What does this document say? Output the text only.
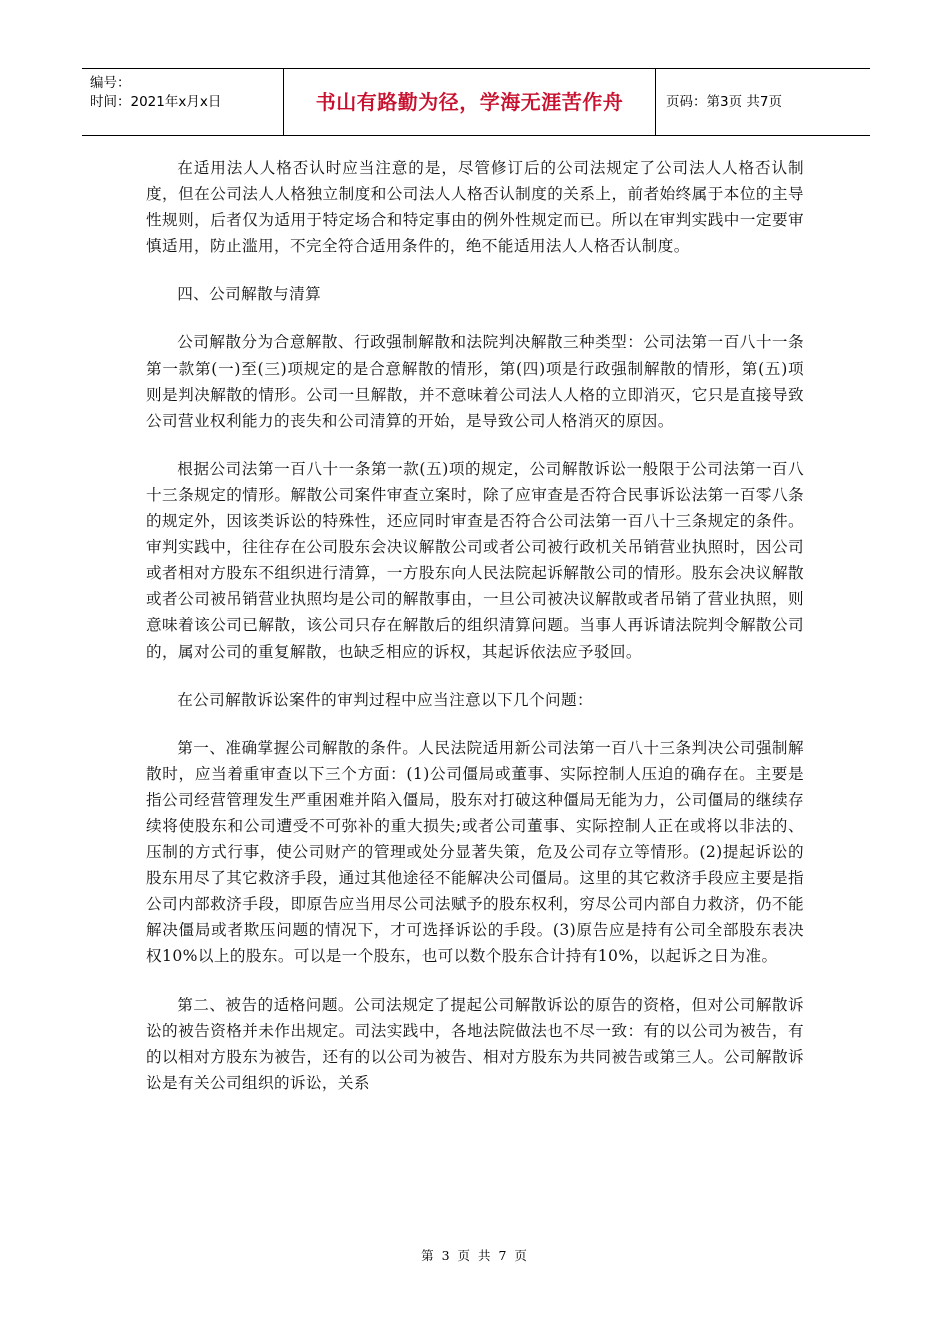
编号：
时间：2021年x月x日	书山有路勤为径，学海无涯苦作舟	页码：第3页 共7页

在适用法人人格否认时应当注意的是，尽管修订后的公司法规定了公司法人人格否认制度，但在公司法人人格独立制度和公司法人人格否认制度的关系上，前者始终属于本位的主导性规则，后者仅为适用于特定场合和特定事由的例外性规定而已。所以在审判实践中一定要审慎适用，防止滥用，不完全符合适用条件的，绝不能适用法人人格否认制度。

四、公司解散与清算

公司解散分为合意解散、行政强制解散和法院判决解散三种类型：公司法第一百八十一条第一款第(一)至(三)项规定的是合意解散的情形，第(四)项是行政强制解散的情形，第(五)项则是判决解散的情形。公司一旦解散，并不意味着公司法人人格的立即消灭，它只是直接导致公司营业权利能力的丧失和公司清算的开始，是导致公司人格消灭的原因。

根据公司法第一百八十一条第一款(五)项的规定，公司解散诉讼一般限于公司法第一百八十三条规定的情形。解散公司案件审查立案时，除了应审查是否符合民事诉讼法第一百零八条的规定外，因该类诉讼的特殊性，还应同时审查是否符合公司法第一百八十三条规定的条件。审判实践中，往往存在公司股东会决议解散公司或者公司被行政机关吊销营业执照时，因公司或者相对方股东不组织进行清算，一方股东向人民法院起诉解散公司的情形。股东会决议解散或者公司被吊销营业执照均是公司的解散事由，一旦公司被决议解散或者吊销了营业执照，则意味着该公司已解散，该公司只存在解散后的组织清算问题。当事人再诉请法院判令解散公司的，属对公司的重复解散，也缺乏相应的诉权，其起诉依法应予驳回。

在公司解散诉讼案件的审判过程中应当注意以下几个问题：

第一、准确掌握公司解散的条件。人民法院适用新公司法第一百八十三条判决公司强制解散时，应当着重审查以下三个方面：(1)公司僵局或董事、实际控制人压迫的确存在。主要是指公司经营管理发生严重困难并陷入僵局，股东对打破这种僵局无能为力，公司僵局的继续存续将使股东和公司遭受不可弥补的重大损失;或者公司董事、实际控制人正在或将以非法的、压制的方式行事，使公司财产的管理或处分显著失策，危及公司存立等情形。(2)提起诉讼的股东用尽了其它救济手段，通过其他途径不能解决公司僵局。这里的其它救济手段应主要是指公司内部救济手段，即原告应当用尽公司法赋予的股东权利，穷尽公司内部自力救济，仍不能解决僵局或者欺压问题的情况下，才可选择诉讼的手段。(3)原告应是持有公司全部股东表决权10%以上的股东。可以是一个股东，也可以数个股东合计持有10%，以起诉之日为准。

第二、被告的适格问题。公司法规定了提起公司解散诉讼的原告的资格，但对公司解散诉讼的被告资格并未作出规定。司法实践中，各地法院做法也不尽一致：有的以公司为被告，有的以相对方股东为被告，还有的以公司为被告、相对方股东为共同被告或第三人。公司解散诉讼是有关公司组织的诉讼，关系

第 3 页 共 7 页
